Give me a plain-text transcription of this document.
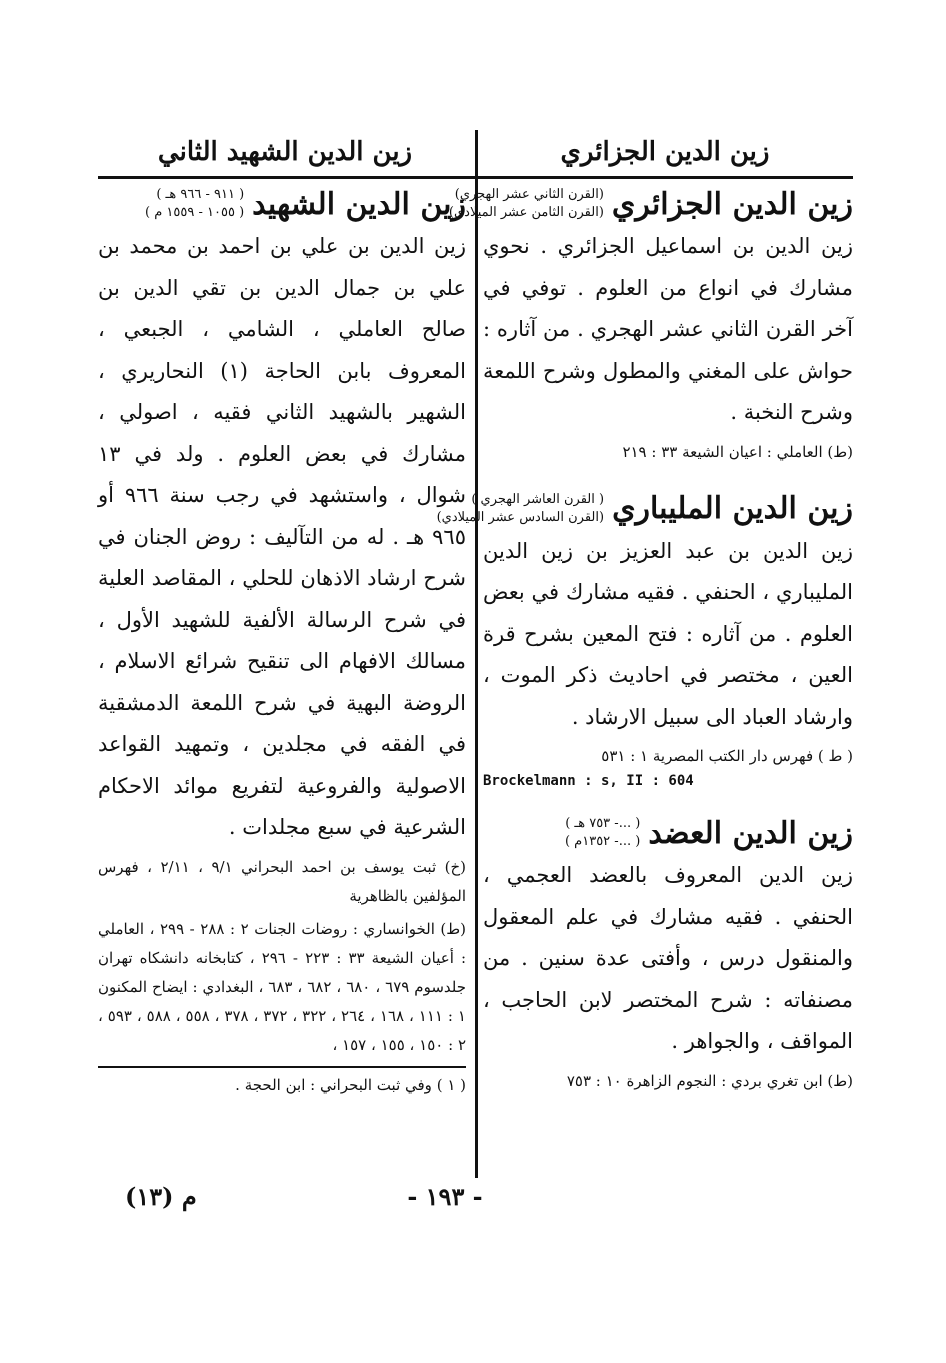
زين الدين الجزائري
زين الدين الشهيد الثاني
زين الدين الجزائري
(القرن الثاني عشر الهجري)
(القرن الثامن عشر الميلادي)

زين الدين بن اسماعيل الجزائري . نحوي مشارك في انواع من العلوم . توفي في آخر القرن الثاني عشر الهجري . من آثاره : حواش على المغني والمطول وشرح اللمعة وشرح النخبة .

(ط) العاملي : اعيان الشيعة ٣٣ : ٢١٩

زين الدين المليباري
( القرن العاشر الهجري )
(القرن السادس عشر الميلادي)

زين الدين بن عبد العزيز بن زين الدين المليباري ، الحنفي . فقيه مشارك في بعض العلوم . من آثاره : فتح المعين بشرح قرة العين ، مختصر في احاديث ذكر الموت ، وارشاد العباد الى سبيل الارشاد .

( ط ) فهرس دار الكتب المصرية ١ : ٥٣١

Brockelmann : s, II : 604

زين الدين العضد
( ...- ٧٥٣ هـ )
( ...- ١٣٥٢م )

زين الدين المعروف بالعضد العجمي ، الحنفي . فقيه مشارك في علم المعقول والمنقول درس ، وأفتى عدة سنين . من مصنفاته : شرح المختصر لابن الحاجب ، المواقف ، والجواهر .

(ط) ابن تغري بردي : النجوم الزاهرة ١٠ : ٧٥٣

زين الدين الشهيد
( ٩١١ - ٩٦٦ هـ )
( ١٠٥٥ - ١٥٥٩ م )

زين الدين بن علي بن احمد بن محمد بن علي بن جمال الدين بن تقي الدين بن صالح العاملي ، الشامي ، الجبعي ، المعروف بابن الحاجة (١) النحاريري ، الشهير بالشهيد الثاني فقيه ، اصولي ، مشارك في بعض العلوم . ولد في ١٣ شوال ، واستشهد في رجب سنة ٩٦٦ أو ٩٦٥ هـ . له من التآليف : روض الجنان في شرح ارشاد الاذهان للحلي ، المقاصد العلية في شرح الرسالة الألفية للشهيد الأول ، مسالك الافهام الى تنقيح شرائع الاسلام ، الروضة البهية في شرح اللمعة الدمشقية في الفقه في مجلدين ، وتمهيد القواعد الاصولية والفروعية لتفريع موائد الاحكام الشرعية في سبع مجلدات .

(خ) ثبت يوسف بن احمد البحراني ٩/١ ، ٢/١١ ، فهرس المؤلفين بالظاهرية

(ط) الخوانساري : روضات الجنات ٢ : ٢٨٨ - ٢٩٩ ، العاملي : أعيان الشيعة ٣٣ : ٢٢٣ - ٢٩٦ ، كتابخانه دانشكاه تهران جلدسوم ٦٧٩ ، ٦٨٠ ، ٦٨٢ ، ٦٨٣ ، البغدادي : ايضاح المكنون ١ : ١١١ ، ١٦٨ ، ٢٦٤ ، ٣٢٢ ، ٣٧٢ ، ٣٧٨ ، ٥٥٨ ، ٥٨٨ ، ٥٩٣ ، ٢ : ١٥٠ ، ١٥٥ ، ١٥٧ ،

( ١ ) وفي ثبت البحراني : ابن الحجة .

- ١٩٣ -
م (١٣)
